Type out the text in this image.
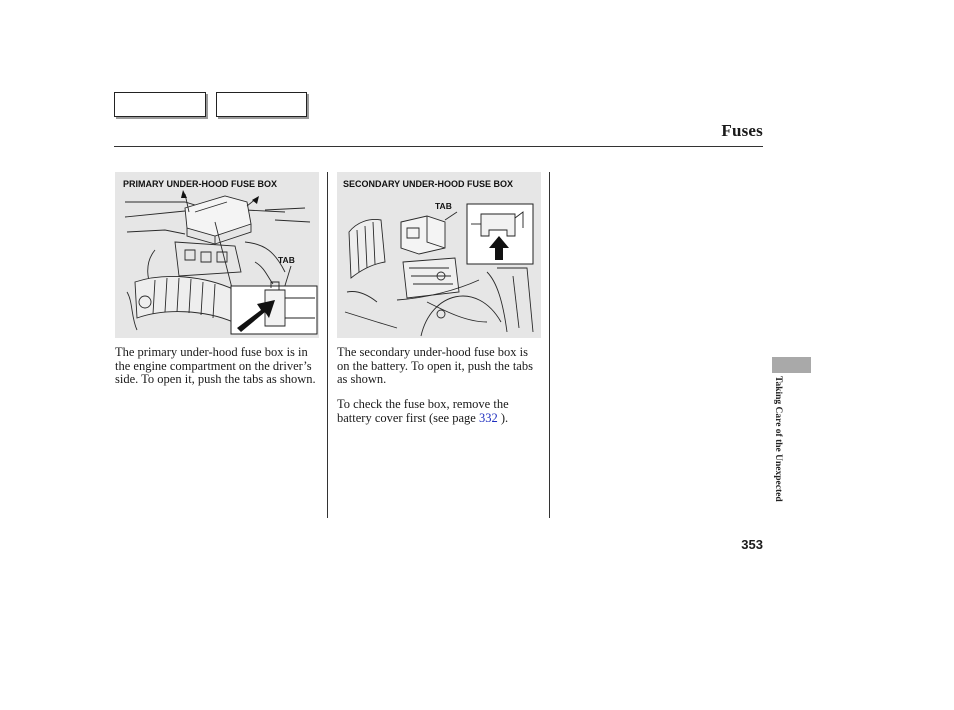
Fuses
PRIMARY UNDER-HOOD FUSE BOX
TAB
SECONDARY UNDER-HOOD FUSE BOX
TAB

The primary under-hood fuse box is in the engine compartment on the driver’s side. To open it, push the tabs as shown.

The secondary under-hood fuse box is on the battery. To open it, push the tabs as shown.

To check the fuse box, remove the battery cover first (see page 332 ).	Taking Care of the Unexpected
353
